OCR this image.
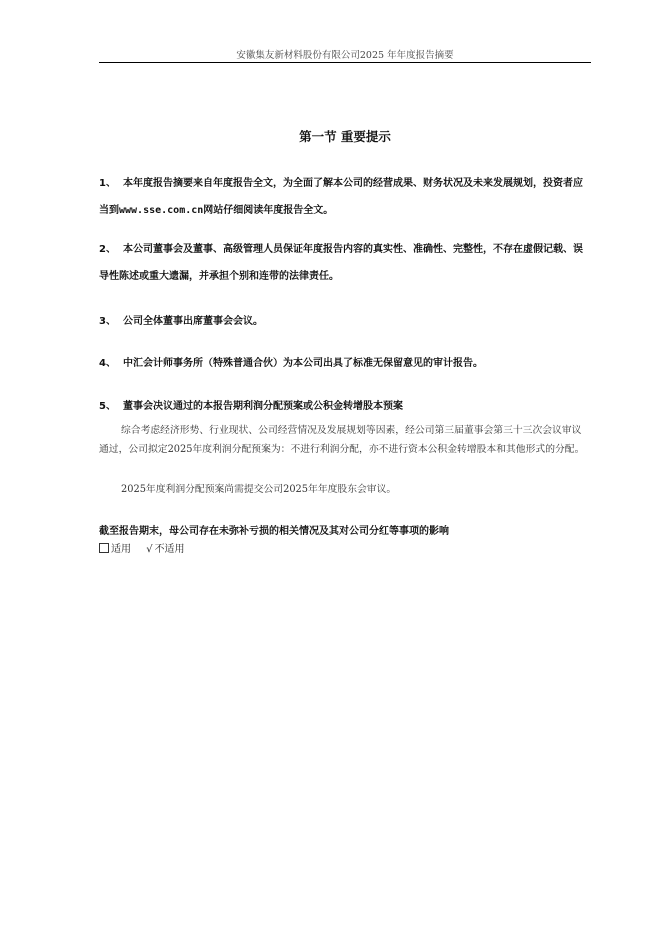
安徽集友新材料股份有限公司2025 年年度报告摘要
第一节 重要提示
1、 本年度报告摘要来自年度报告全文，为全面了解本公司的经营成果、财务状况及未来发展规划，投资者应当到www.sse.com.cn网站仔细阅读年度报告全文。
2、 本公司董事会及董事、高级管理人员保证年度报告内容的真实性、准确性、完整性，不存在虚假记载、误导性陈述或重大遗漏，并承担个别和连带的法律责任。
3、 公司全体董事出席董事会会议。
4、 中汇会计师事务所（特殊普通合伙）为本公司出具了标准无保留意见的审计报告。
5、 董事会决议通过的本报告期利润分配预案或公积金转增股本预案
综合考虑经济形势、行业现状、公司经营情况及发展规划等因素，经公司第三届董事会第三十三次会议审议通过，公司拟定2025年度利润分配预案为：不进行利润分配，亦不进行资本公积金转增股本和其他形式的分配。
2025年度利润分配预案尚需提交公司2025年年度股东会审议。
截至报告期末，母公司存在未弥补亏损的相关情况及其对公司分红等事项的影响
适用 √ 不适用
